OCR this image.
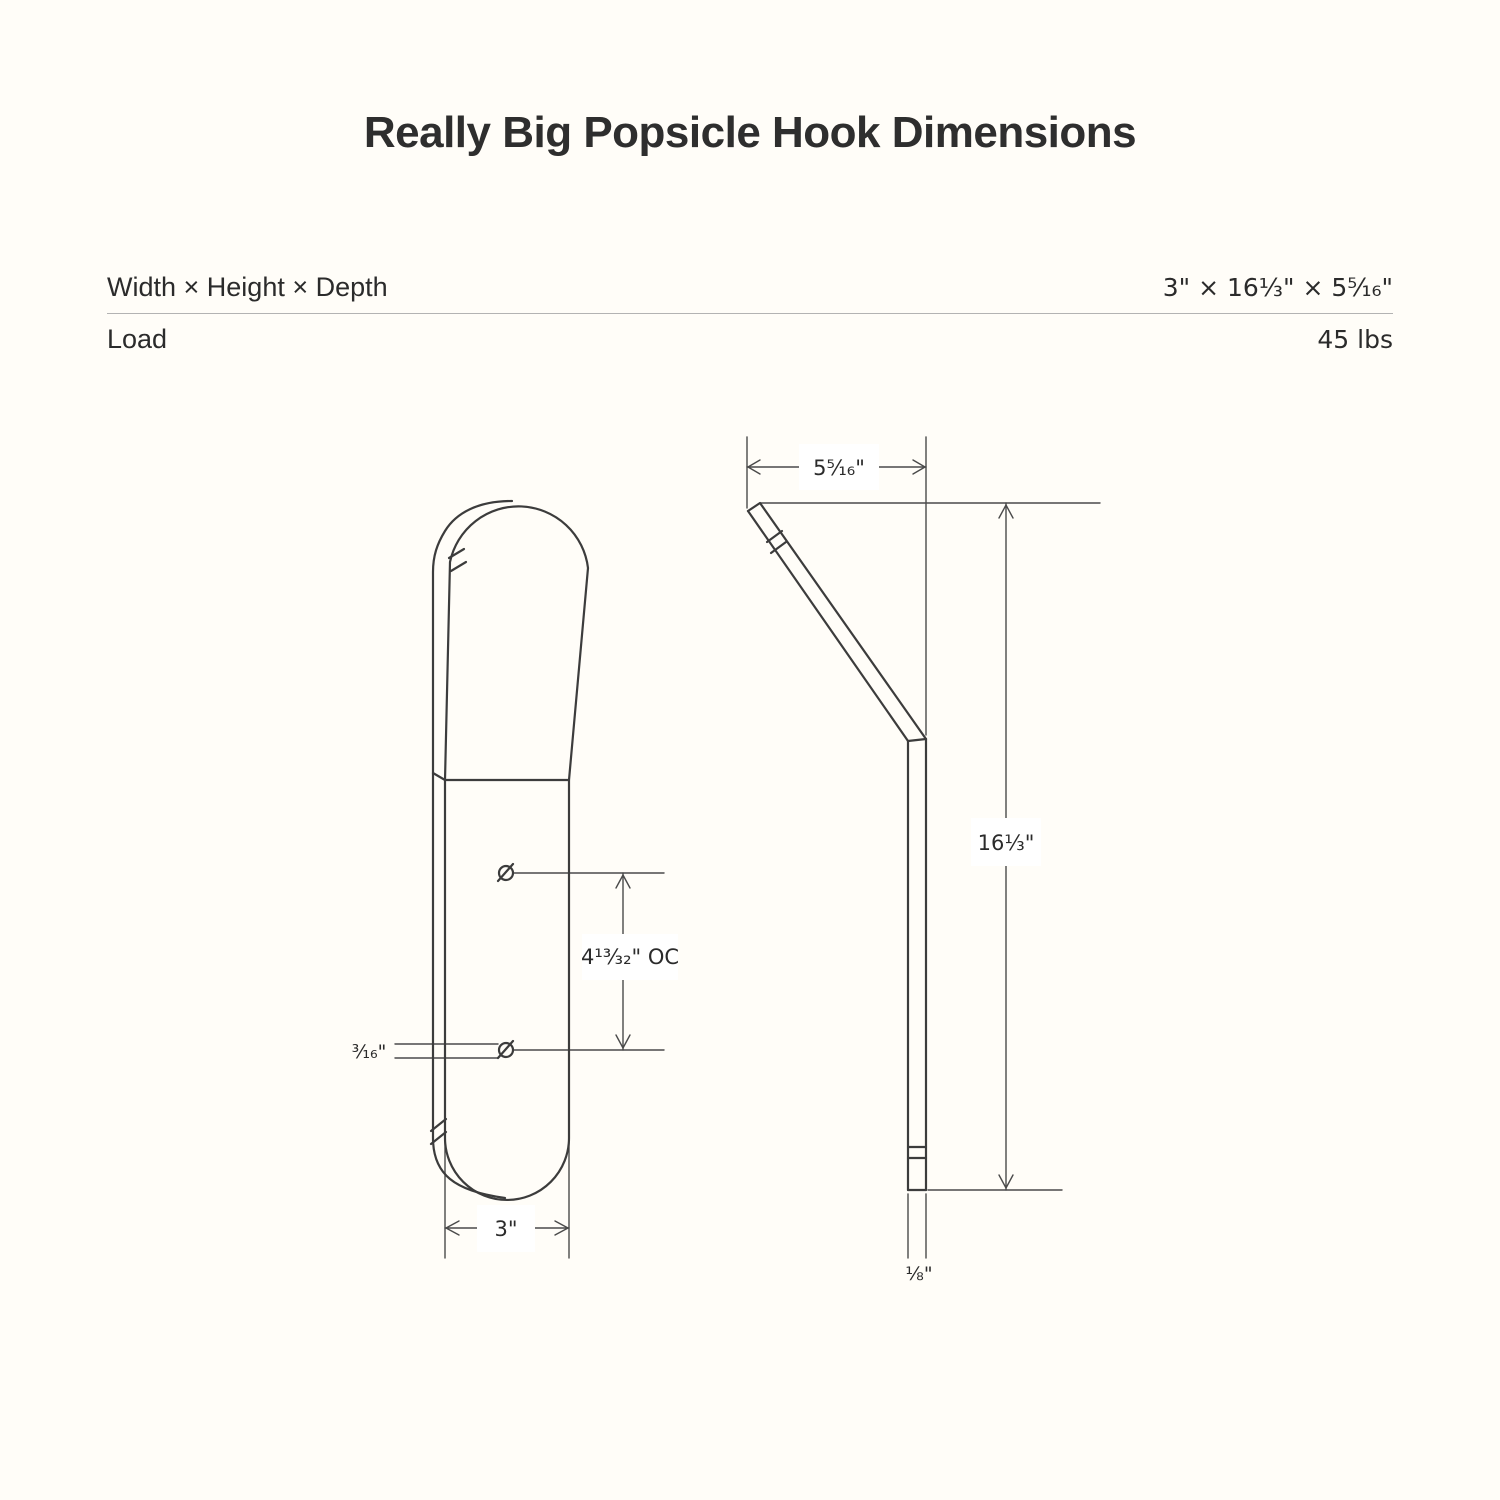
Really Big Popsicle Hook Dimensions
Width × Height × Depth	3" × 16⅓" × 5⁵⁄₁₆"
Load	45 lbs
4¹³⁄₃₂" OC
³⁄₁₆"
3"
5⁵⁄₁₆"
16⅓"
⅛"
